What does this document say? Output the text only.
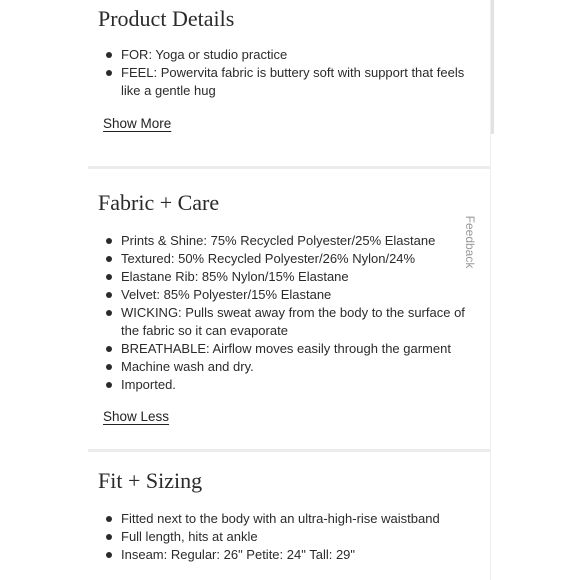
Product Details
FOR: Yoga or studio practice
FEEL: Powervita fabric is buttery soft with support that feels like a gentle hug
Show More
Fabric + Care
Prints & Shine: 75% Recycled Polyester/25% Elastane
Textured: 50% Recycled Polyester/26% Nylon/24%
Elastane Rib: 85% Nylon/15% Elastane
Velvet: 85% Polyester/15% Elastane
WICKING: Pulls sweat away from the body to the surface of the fabric so it can evaporate
BREATHABLE: Airflow moves easily through the garment
Machine wash and dry.
Imported.
Show Less
Fit + Sizing
Fitted next to the body with an ultra-high-rise waistband
Full length, hits at ankle
Inseam: Regular: 26" Petite: 24" Tall: 29"
Feedback
